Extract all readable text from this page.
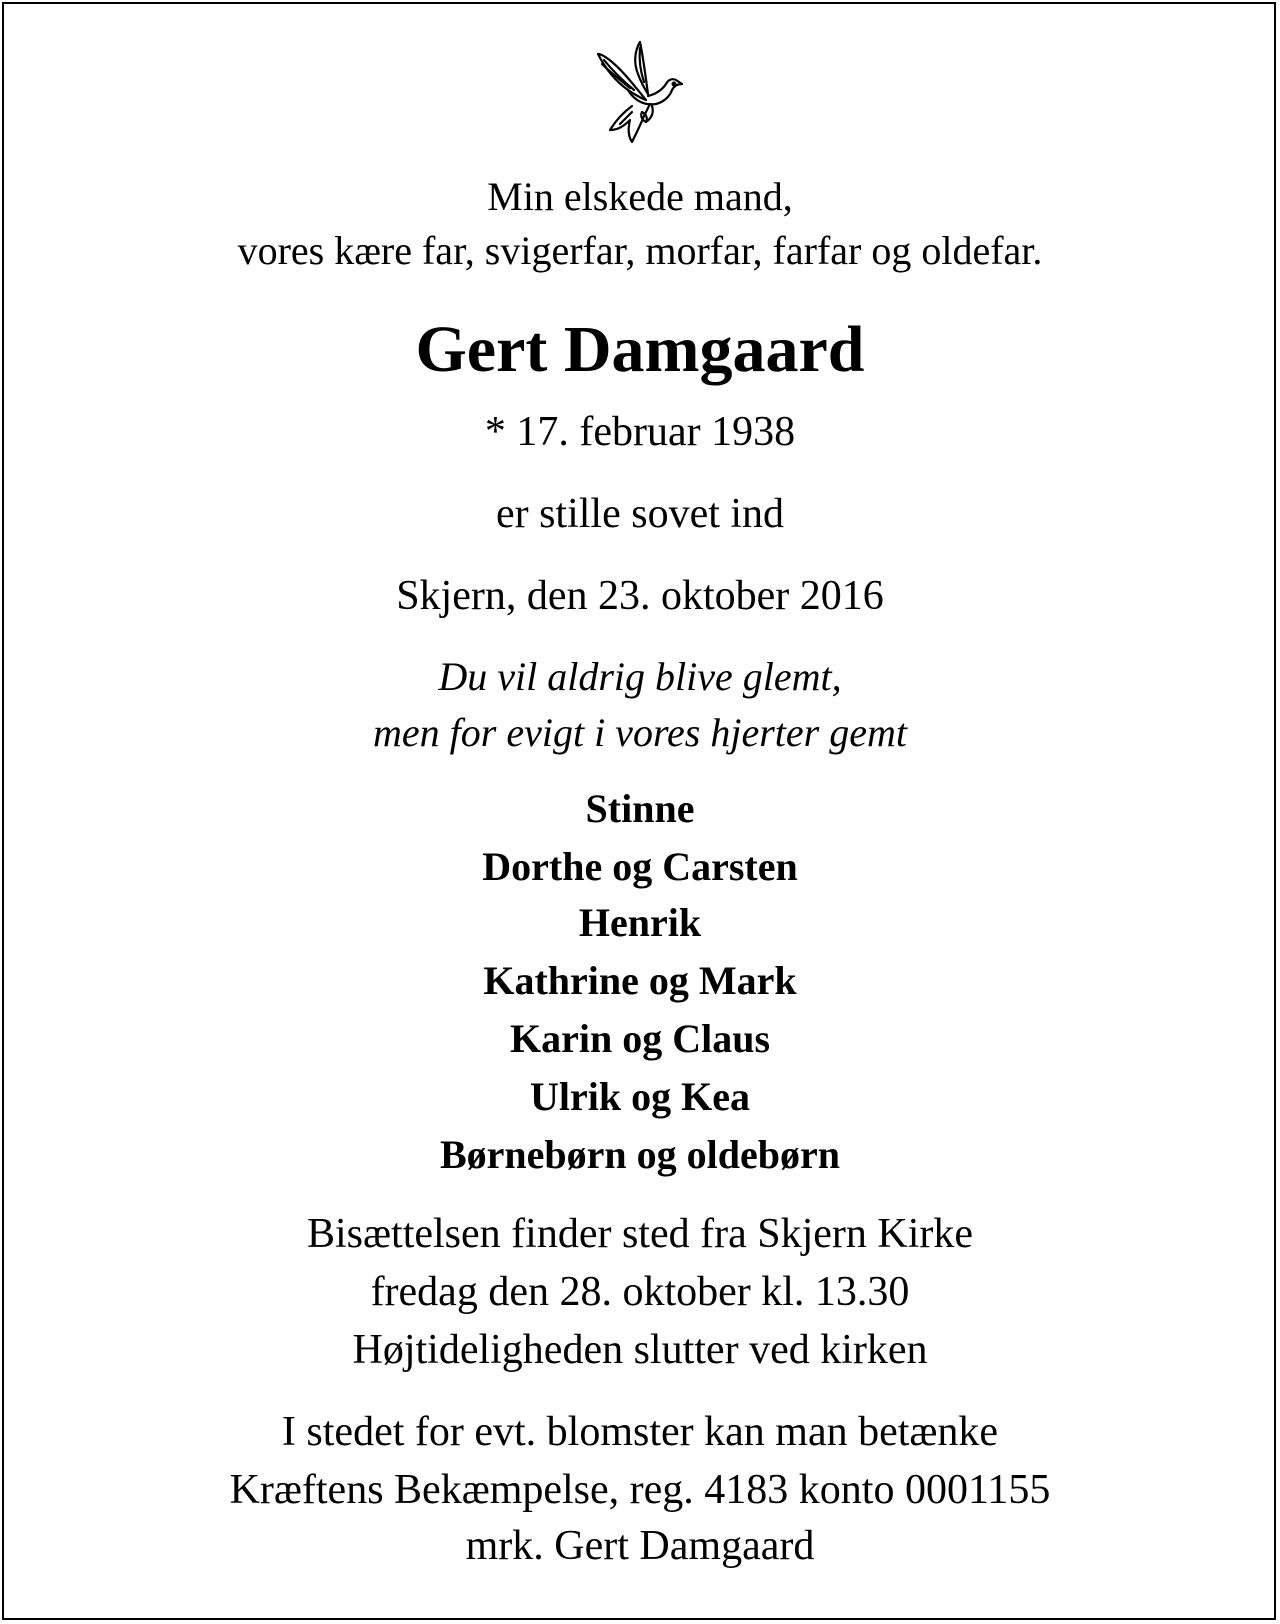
Min elskede mand,
vores kære far, svigerfar, morfar, farfar og oldefar.
Gert Damgaard
* 17. februar 1938
er stille sovet ind
Skjern, den 23. oktober 2016
Du vil aldrig blive glemt,
men for evigt i vores hjerter gemt
Stinne
Dorthe og Carsten
Henrik
Kathrine og Mark
Karin og Claus
Ulrik og Kea
Børnebørn og oldebørn
Bisættelsen finder sted fra Skjern Kirke
fredag den 28. oktober kl. 13.30
Højtideligheden slutter ved kirken
I stedet for evt. blomster kan man betænke
Kræftens Bekæmpelse, reg. 4183 konto 0001155
mrk. Gert Damgaard
